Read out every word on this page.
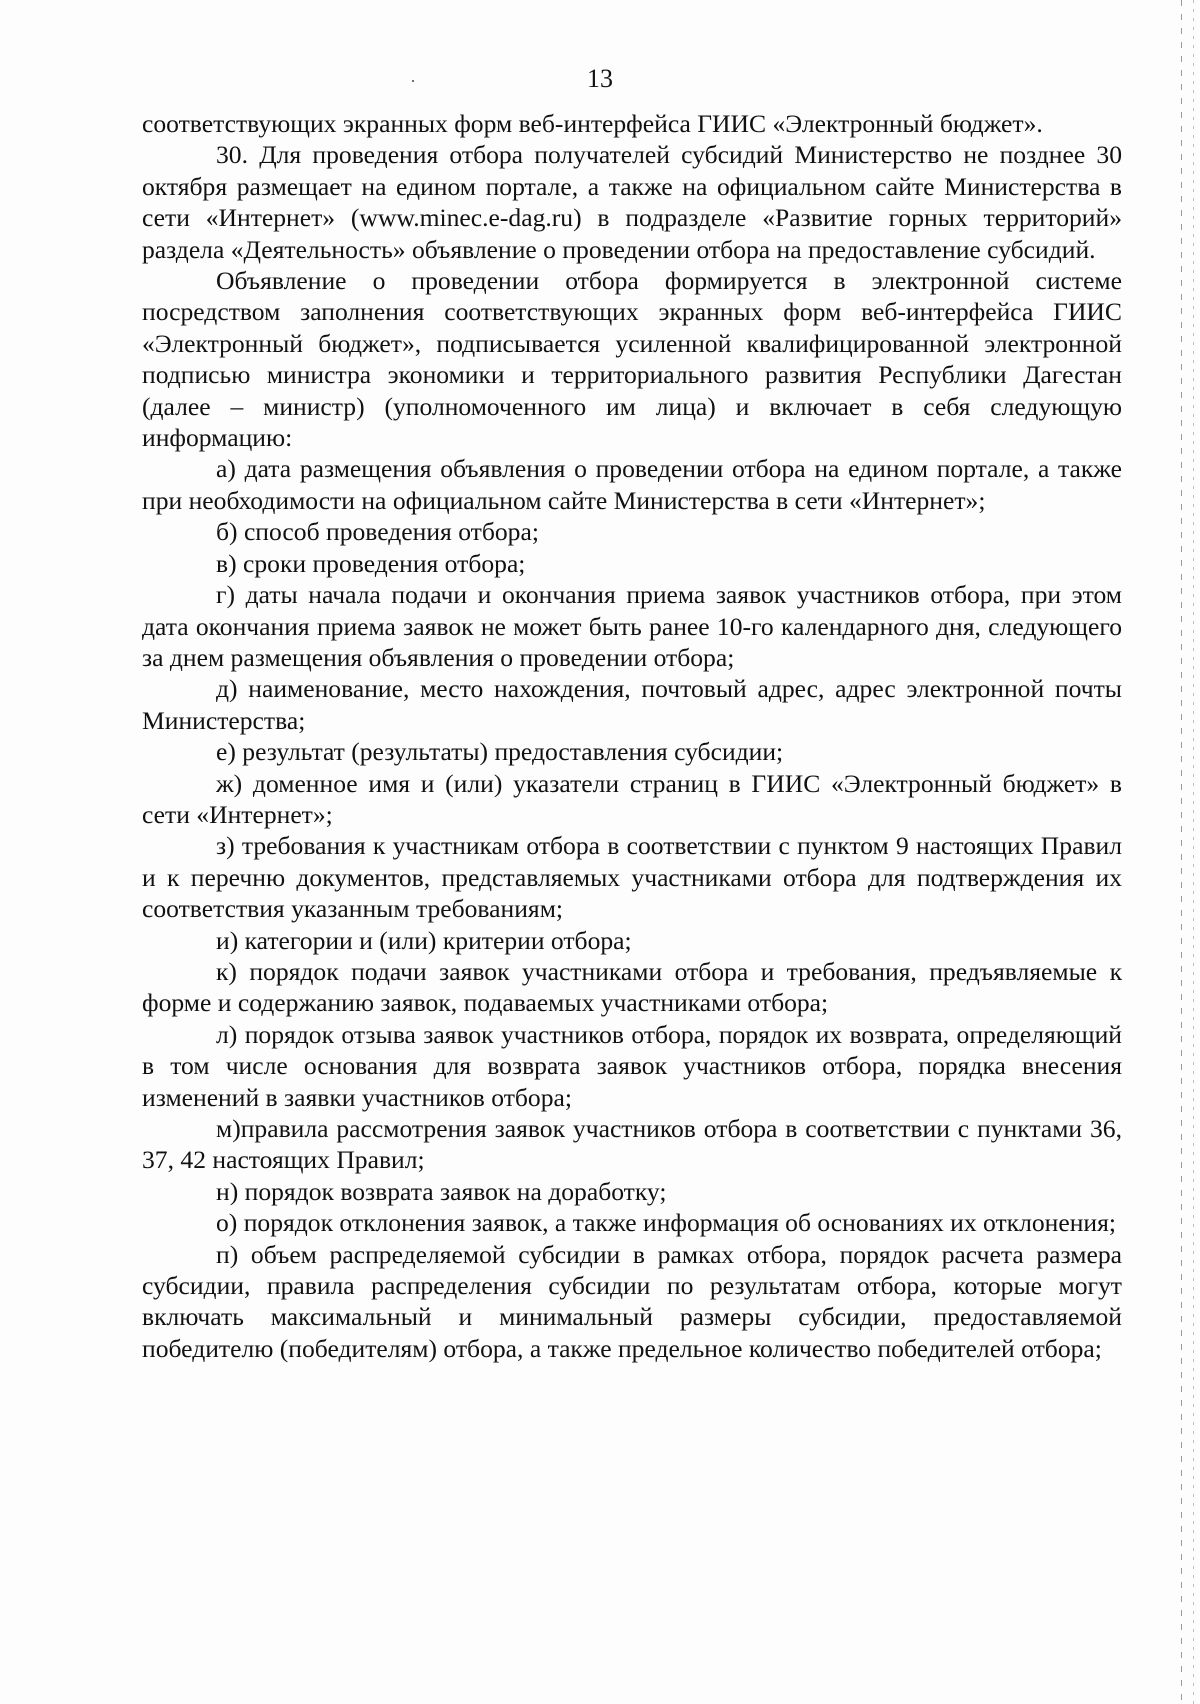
13

соответствующих экранных форм веб-интерфейса ГИИС «Электронный бюджет».

30. Для проведения отбора получателей субсидий Министерство не позднее 30 октября размещает на едином портале, а также на официальном сайте Министерства в сети «Интернет» (www.minec.e-dag.ru) в подразделе «Развитие горных территорий» раздела «Деятельность» объявление о проведении отбора на предоставление субсидий.

Объявление о проведении отбора формируется в электронной системе посредством заполнения соответствующих экранных форм веб-интерфейса ГИИС «Электронный бюджет», подписывается усиленной квалифицированной электронной подписью министра экономики и территориального развития Республики Дагестан (далее – министр) (уполномоченного им лица) и включает в себя следующую информацию:

а) дата размещения объявления о проведении отбора на едином портале, а также при необходимости на официальном сайте Министерства в сети «Интернет»;

б) способ проведения отбора;

в) сроки проведения отбора;

г) даты начала подачи и окончания приема заявок участников отбора, при этом дата окончания приема заявок не может быть ранее 10-го календарного дня, следующего за днем размещения объявления о проведении отбора;

д) наименование, место нахождения, почтовый адрес, адрес электронной почты Министерства;

е) результат (результаты) предоставления субсидии;

ж) доменное имя и (или) указатели страниц в ГИИС «Электронный бюджет» в сети «Интернет»;

з) требования к участникам отбора в соответствии с пунктом 9 настоящих Правил и к перечню документов, представляемых участниками отбора для подтверждения их соответствия указанным требованиям;

и) категории и (или) критерии отбора;

к) порядок подачи заявок участниками отбора и требования, предъявляемые к форме и содержанию заявок, подаваемых участниками отбора;

л) порядок отзыва заявок участников отбора, порядок их возврата, определяющий в том числе основания для возврата заявок участников отбора, порядка внесения изменений в заявки участников отбора;

м)правила рассмотрения заявок участников отбора в соответствии с пунктами 36, 37, 42 настоящих Правил;

н) порядок возврата заявок на доработку;

о) порядок отклонения заявок, а также информация об основаниях их отклонения;

п) объем распределяемой субсидии в рамках отбора, порядок расчета размера субсидии, правила распределения субсидии по результатам отбора, которые могут включать максимальный и минимальный размеры субсидии, предоставляемой победителю (победителям) отбора, а также предельное количество победителей отбора;
